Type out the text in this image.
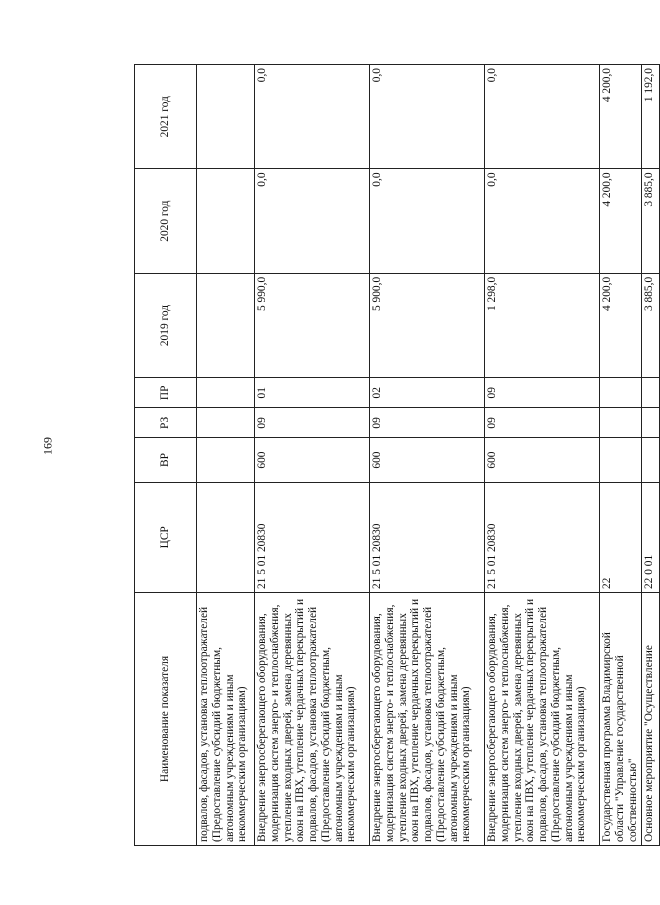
169
Наименование показателя	ЦСР	ВР	РЗ	ПР	2019 год	2020 год	2021 год
подвалов, фасадов, установка теплоотражателей (Предоставление субсидий бюджетным, автономным учреждениям и иным некоммерческим организациям)							
Внедрение энергосберегающего оборудования, модернизация систем энерго- и теплоснабжения, утепление входных дверей, замена деревянных окон на ПВХ, утепление чердачных перекрытий и подвалов, фасадов, установка теплоотражателей (Предоставление субсидий бюджетным, автономным учреждениям и иным некоммерческим организациям)	21 5 01 20830	600	09	01	5 990,0	0,0	0,0
Внедрение энергосберегающего оборудования, модернизация систем энерго- и теплоснабжения, утепление входных дверей, замена деревянных окон на ПВХ, утепление чердачных перекрытий и подвалов, фасадов, установка теплоотражателей (Предоставление субсидий бюджетным, автономным учреждениям и иным некоммерческим организациям)	21 5 01 20830	600	09	02	5 900,0	0,0	0,0
Внедрение энергосберегающего оборудования, модернизация систем энерго- и теплоснабжения, утепление входных дверей, замена деревянных окон на ПВХ, утепление чердачных перекрытий и подвалов, фасадов, установка теплоотражателей (Предоставление субсидий бюджетным, автономным учреждениям и иным некоммерческим организациям)	21 5 01 20830	600	09	09	1 298,0	0,0	0,0
Государственная программа Владимирской области "Управление государственной собственностью"	22				4 200,0	4 200,0	4 200,0
Основное мероприятие "Осуществление	22 0 01				3 885,0	3 885,0	1 192,0
